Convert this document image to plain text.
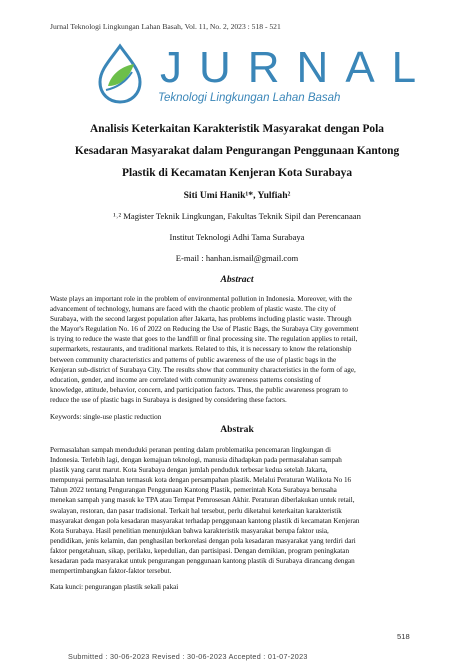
Jurnal Teknologi Lingkungan Lahan Basah, Vol. 11, No. 2, 2023 : 518 - 521
JURNAL
Teknologi Lingkungan Lahan Basah
Analisis Keterkaitan Karakteristik Masyarakat dengan Pola
Kesadaran Masyarakat dalam Pengurangan Penggunaan Kantong
Plastik di Kecamatan Kenjeran Kota Surabaya
Siti Umi Hanik¹*, Yulfiah²
¹˒² Magister Teknik Lingkungan, Fakultas Teknik Sipil dan Perencanaan
Institut Teknologi Adhi Tama Surabaya
E-mail : hanhan.ismail@gmail.com
Abstract
Waste plays an important role in the problem of environmental pollution in Indonesia. Moreover, with the
advancement of technology, humans are faced with the chaotic problem of plastic waste. The city of
Surabaya, with the second largest population after Jakarta, has problems including plastic waste. Through
the Mayor's Regulation No. 16 of 2022 on Reducing the Use of Plastic Bags, the Surabaya City government
is trying to reduce the waste that goes to the landfill or final processing site. The regulation applies to retail,
supermarkets, restaurants, and traditional markets. Related to this, it is necessary to know the relationship
between community characteristics and patterns of public awareness of the use of plastic bags in the
Kenjeran sub-district of Surabaya City. The results show that community characteristics in the form of age,
education, gender, and income are correlated with community awareness patterns consisting of
knowledge, attitude, behavior, concern, and participation factors. Thus, the public awareness program to
reduce the use of plastic bags in Surabaya is designed by considering these factors.
Keywords: single-use plastic reduction
Abstrak
Permasalahan sampah menduduki peranan penting dalam problematika pencemaran lingkungan di
Indonesia. Terlebih lagi, dengan kemajuan teknologi, manusia dihadapkan pada permasalahan sampah
plastik yang carut marut. Kota Surabaya dengan jumlah penduduk terbesar kedua setelah Jakarta,
mempunyai permasalahan termasuk kota dengan persampahan plastik. Melalui Peraturan Walikota No 16
Tahun 2022 tentang Pengurangan Penggunaan Kantong Plastik, pemerintah Kota Surabaya berusaha
menekan sampah yang masuk ke TPA atau Tempat Pemrosesan Akhir. Peraturan diberlakukan untuk retail,
swalayan, restoran, dan pasar tradisional. Terkait hal tersebut, perlu diketahui keterkaitan karakteristik
masyarakat dengan pola kesadaran masyarakat terhadap penggunaan kantong plastik di kecamatan Kenjeran
Kota Surabaya. Hasil penelitian menunjukkan bahwa karakteristik masyarakat berupa faktor usia,
pendidikan, jenis kelamin, dan penghasilan berkorelasi dengan pola kesadaran masyarakat yang terdiri dari
faktor pengetahuan, sikap, perilaku, kepedulian, dan partisipasi. Dengan demikian, program peningkatan
kesadaran pada masyarakat untuk pengurangan penggunaan kantong plastik di Surabaya dirancang dengan
mempertimbangkan faktor-faktor tersebut.
Kata kunci: pengurangan plastik sekali pakai
518
Submitted : 30-06-2023 Revised : 30-06-2023 Accepted : 01-07-2023
